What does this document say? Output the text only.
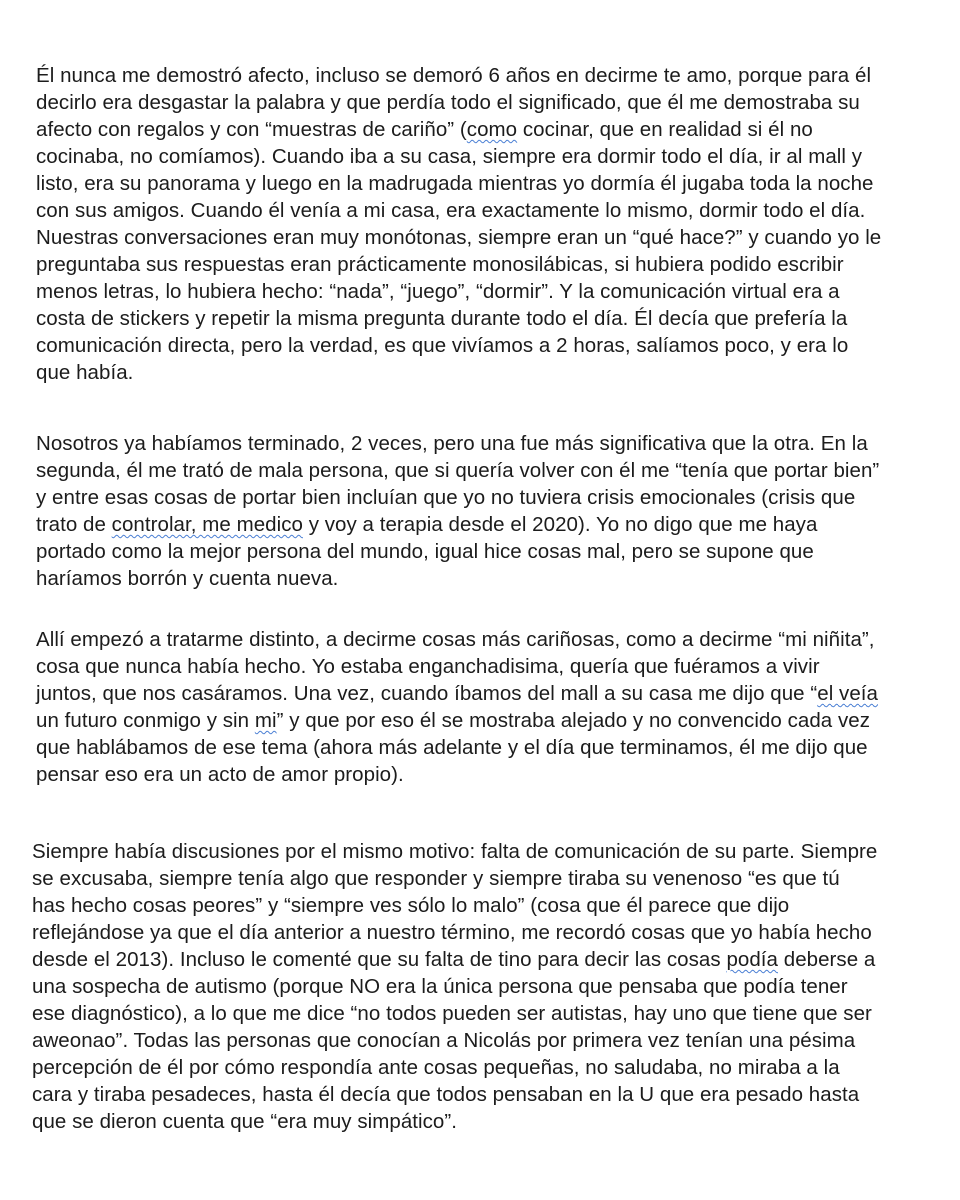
Él nunca me demostró afecto, incluso se demoró 6 años en decirme te amo, porque para él
decirlo era desgastar la palabra y que perdía todo el significado, que él me demostraba su
afecto con regalos y con “muestras de cariño” (como cocinar, que en realidad si él no
cocinaba, no comíamos). Cuando iba a su casa, siempre era dormir todo el día, ir al mall y
listo, era su panorama y luego en la madrugada mientras yo dormía él jugaba toda la noche
con sus amigos. Cuando él venía a mi casa, era exactamente lo mismo, dormir todo el día.
Nuestras conversaciones eran muy monótonas, siempre eran un “qué hace?” y cuando yo le
preguntaba sus respuestas eran prácticamente monosilábicas, si hubiera podido escribir
menos letras, lo hubiera hecho: “nada”, “juego”, “dormir”. Y la comunicación virtual era a
costa de stickers y repetir la misma pregunta durante todo el día. Él decía que prefería la
comunicación directa, pero la verdad, es que vivíamos a 2 horas, salíamos poco, y era lo
que había.
Nosotros ya habíamos terminado, 2 veces, pero una fue más significativa que la otra. En la
segunda, él me trató de mala persona, que si quería volver con él me “tenía que portar bien”
y entre esas cosas de portar bien incluían que yo no tuviera crisis emocionales (crisis que
trato de controlar, me medico y voy a terapia desde el 2020). Yo no digo que me haya
portado como la mejor persona del mundo, igual hice cosas mal, pero se supone que
haríamos borrón y cuenta nueva.
Allí empezó a tratarme distinto, a decirme cosas más cariñosas, como a decirme “mi niñita”,
cosa que nunca había hecho. Yo estaba enganchadisima, quería que fuéramos a vivir
juntos, que nos casáramos. Una vez, cuando íbamos del mall a su casa me dijo que “el veía
un futuro conmigo y sin mi” y que por eso él se mostraba alejado y no convencido cada vez
que hablábamos de ese tema (ahora más adelante y el día que terminamos, él me dijo que
pensar eso era un acto de amor propio).
Siempre había discusiones por el mismo motivo: falta de comunicación de su parte. Siempre
se excusaba, siempre tenía algo que responder y siempre tiraba su venenoso “es que tú
has hecho cosas peores” y “siempre ves sólo lo malo” (cosa que él parece que dijo
reflejándose ya que el día anterior a nuestro término, me recordó cosas que yo había hecho
desde el 2013). Incluso le comenté que su falta de tino para decir las cosas podía deberse a
una sospecha de autismo (porque NO era la única persona que pensaba que podía tener
ese diagnóstico), a lo que me dice “no todos pueden ser autistas, hay uno que tiene que ser
aweonao”. Todas las personas que conocían a Nicolás por primera vez tenían una pésima
percepción de él por cómo respondía ante cosas pequeñas, no saludaba, no miraba a la
cara y tiraba pesadeces, hasta él decía que todos pensaban en la U que era pesado hasta
que se dieron cuenta que “era muy simpático”.
